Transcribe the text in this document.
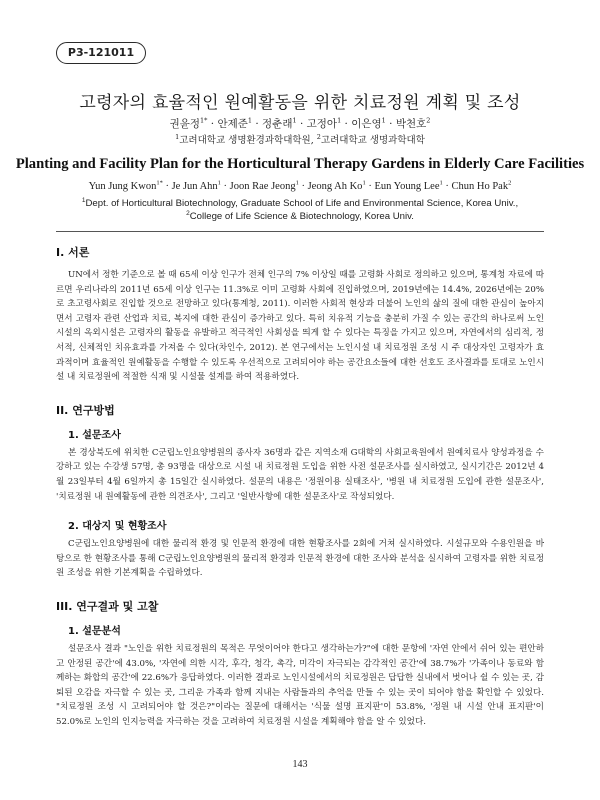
P3-121011
고령자의 효율적인 원예활동을 위한 치료정원 계획 및 조성
권윤정$^{1*}$ · 안제준$^1$ · 정춘래$^1$ · 고정아$^1$ · 이은영$^1$ · 박천호$^2$
$^1$고려대학교 생명환경과학대학원, $^2$고려대학교 생명과학대학
Planting and Facility Plan for the Horticultural Therapy Gardens in Elderly Care Facilities
Yun Jung Kwon$^{1*}$ · Je Jun Ahn$^1$ · Joon Rae Jeong$^1$ · Jeong Ah $Ko^1$ · Eun Young Lee$^1$ · Chun Ho Pak$^2$
$^1$Dept. of Horticultural Biotechnology, Graduate School of Life and Environmental Science, Korea Univ.,
$^2$College of Life Science & Biotechnology, Korea Univ.
I. 서론

UN에서 정한 기준으로 볼 때 65세 이상 인구가 전체 인구의 7% 이상일 때를 고령화 사회로 정의하고 있으며, 통계청 자료에 따르면 우리나라의 2011년 65세 이상 인구는 11.3%로 이미 고령화 사회에 진입하였으며, 2019년에는 14.4%, 2026년에는 20%로 초고령사회로 진입할 것으로 전망하고 있다(통계청, 2011). 이러한 사회적 현상과 더불어 노인의 삶의 질에 대한 관심이 높아지면서 고령자 관련 산업과 치료, 복지에 대한 관심이 증가하고 있다. 특히 치유적 기능을 충분히 가질 수 있는 공간의 하나로써 노인시설의 옥외시설은 고령자의 활동을 유발하고 적극적인 사회성을 띄게 할 수 있다는 특징을 가지고 있으며, 자연에서의 심리적, 정서적, 신체적인 치유효과를 가져올 수 있다(차인수, 2012). 본 연구에서는 노인시설 내 치료정원 조성 시 주 대상자인 고령자가 효과적이며 효율적인 원예활동을 수행할 수 있도록 우선적으로 고려되어야 하는 공간요소들에 대한 선호도 조사결과를 토대로 노인시설 내 치료정원에 적절한 식재 및 시설물 설계를 하여 적용하였다.

II. 연구방법
1. 설문조사

본 경상북도에 위치한 C군립노인요양병원의 종사자 36명과 같은 지역소재 G대학의 사회교육원에서 원예치료사 양성과정을 수강하고 있는 수강생 57명, 총 93명을 대상으로 시설 내 치료정원 도입을 위한 사전 설문조사를 실시하였고, 실시기간은 2012년 4월 23일부터 4월 6일까지 총 15일간 실시하였다. 설문의 내용은 '정원이용 실태조사', '병원 내 치료정원 도입에 관한 설문조사', '치료정원 내 원예활동에 관한 의견조사', 그리고 '일반사항에 대한 설문조사'로 작성되었다.

2. 대상지 및 현황조사

C군립노인요양병원에 대한 물리적 환경 및 인문적 환경에 대한 현황조사를 2회에 거쳐 실시하였다. 시설규모와 수용인원을 바탕으로 한 현황조사를 통해 C군립노인요양병원의 물리적 환경과 인문적 환경에 대한 조사와 분석을 실시하여 고령자를 위한 치료정원 조성을 위한 기본계획을 수립하였다.

III. 연구결과 및 고찰
1. 설문분석

설문조사 결과 "노인을 위한 치료정원의 목적은 무엇이어야 한다고 생각하는가?"에 대한 문항에 '자연 안에서 쉬어 있는 편안하고 안정된 공간'에 43.0%, '자연에 의한 시각, 후각, 청각, 촉각, 미각이 자극되는 감각적인 공간'에 38.7%가 '가족이나 동료와 함께하는 화합의 공간'에 22.6%가 응답하였다. 이러한 결과로 노인시설에서의 치료정원은 답답한 실내에서 벗어나 쉴 수 있는 곳, 감퇴된 오감을 자극할 수 있는 곳, 그리운 가족과 함께 지내는 사람들과의 추억을 만들 수 있는 곳이 되어야 함을 확인할 수 있었다. "치료정원 조성 시 고려되어야 할 것은?"이라는 질문에 대해서는 '식물 설명 표지판'이 53.8%, '정원 내 시설 안내 표지판'이 52.0%로 노인의 인지능력을 자극하는 것을 고려하여 치료정원 시설을 계획해야 함을 알 수 있었다.

143
